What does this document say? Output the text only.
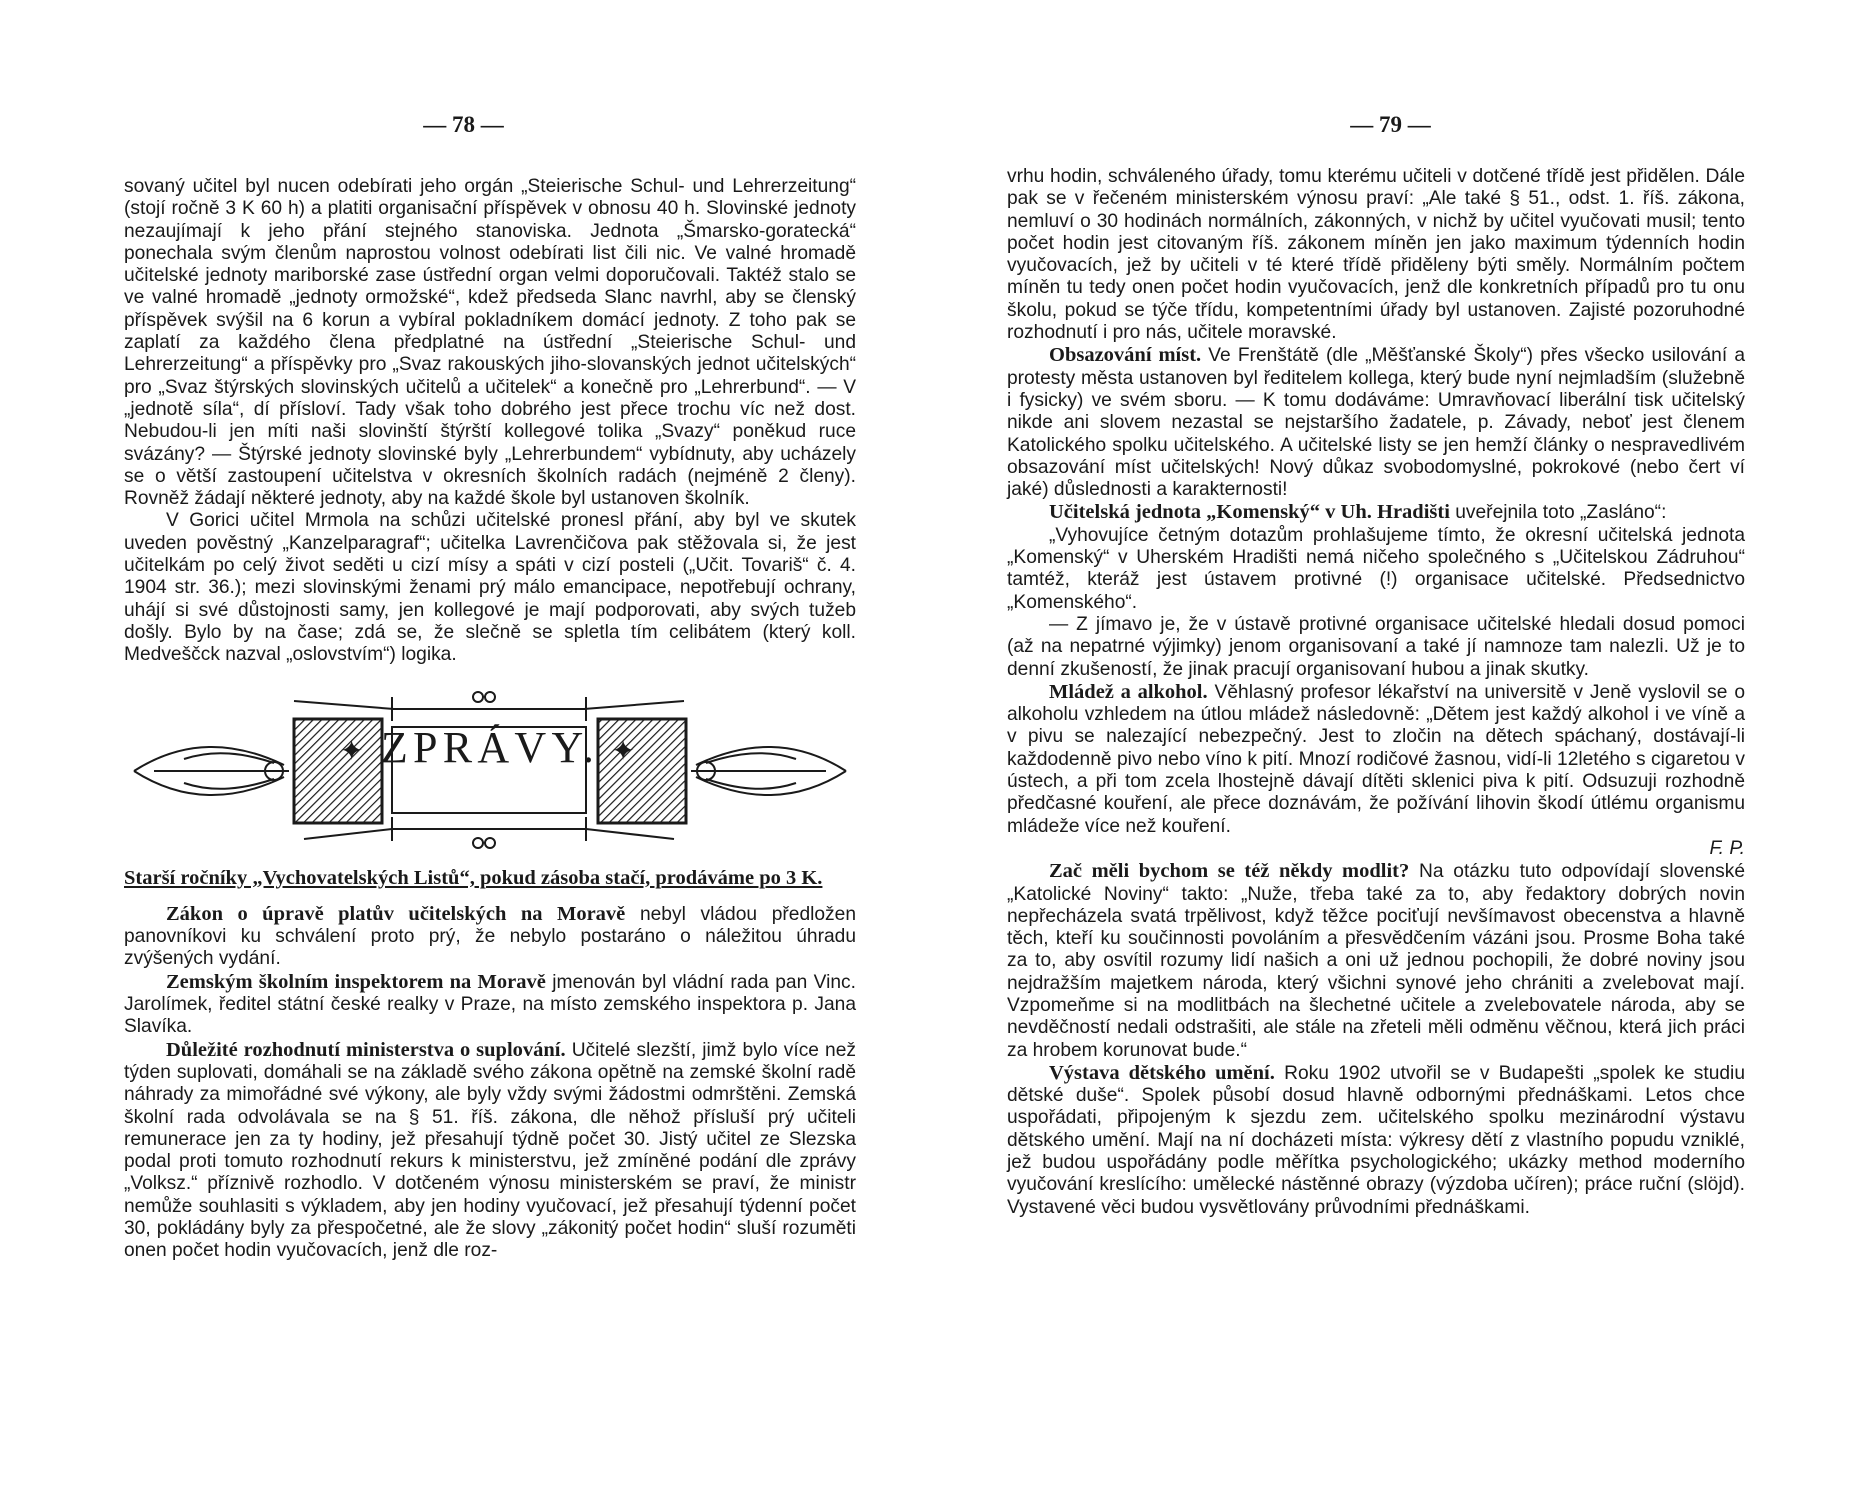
— 78 —

sovaný učitel byl nucen odebírati jeho orgán „Steierische Schul- und Lehrerzeitung“ (stojí ročně 3 K 60 h) a platiti organisační příspěvek v obnosu 40 h. Slovinské jednoty nezaujímají k jeho přání stejného stanoviska. Jednota „Šmarsko-goratecká“ ponechala svým členům naprostou volnost odebírati list čili nic. Ve valné hromadě učitelské jednoty mariborské zase ústřední organ velmi doporučovali. Taktéž stalo se ve valné hromadě „jednoty ormožské“, kdež předseda Slanc navrhl, aby se členský příspěvek svýšil na 6 korun a vybíral pokladníkem domácí jednoty. Z toho pak se zaplatí za každého člena předplatné na ústřední „Steierische Schul- und Lehrerzeitung“ a příspěvky pro „Svaz rakouských jiho-slovanských jednot učitelských“ pro „Svaz štýrských slovinských učitelů a učitelek“ a konečně pro „Lehrerbund“. — V „jednotě síla“, dí přísloví. Tady však toho dobrého jest přece trochu víc než dost. Nebudou-li jen míti naši slovinští štýrští kollegové tolika „Svazy“ poněkud ruce svázány? — Štýrské jednoty slovinské byly „Lehrerbundem“ vybídnuty, aby ucházely se o větší zastoupení učitelstva v okresních školních radách (nejméně 2 členy). Rovněž žádají některé jednoty, aby na každé škole byl ustanoven školník.

V Gorici učitel Mrmola na schůzi učitelské pronesl přání, aby byl ve skutek uveden pověstný „Kanzelparagraf“; učitelka Lavrenčičova pak stěžovala si, že jest učitelkám po celý život seděti u cizí mísy a spáti v cizí posteli („Učit. Tovariš“ č. 4. 1904 str. 36.); mezi slovinskými ženami prý málo emancipace, nepotřebují ochrany, uhájí si své důstojnosti samy, jen kollegové je mají podporovati, aby svých tužeb došly. Bylo by na čase; zdá se, že slečně se spletla tím celibátem (který koll. Medveščck nazval „oslovstvím“) logika.

✦ ZPRÁVY. ✦

Starší ročníky „Vychovatelských Listů“, pokud zásoba stačí, prodáváme po 3 K.

Zákon o úpravě platův učitelských na Moravě nebyl vládou předložen panovníkovi ku schválení proto prý, že nebylo postaráno o náležitou úhradu zvýšených vydání.

Zemským školním inspektorem na Moravě jmenován byl vládní rada pan Vinc. Jarolímek, ředitel státní české realky v Praze, na místo zemského inspektora p. Jana Slavíka.

Důležité rozhodnutí ministerstva o suplování. Učitelé slezští, jimž bylo více než týden suplovati, domáhali se na základě svého zákona opětně na zemské školní radě náhrady za mimořádné své výkony, ale byly vždy svými žádostmi odmrštěni. Zemská školní rada odvolávala se na § 51. říš. zákona, dle něhož přísluší prý učiteli remunerace jen za ty hodiny, jež přesahují týdně počet 30. Jistý učitel ze Slezska podal proti tomuto rozhodnutí rekurs k ministerstvu, jež zmíněné podání dle zprávy „Volksz.“ příznivě rozhodlo. V dotčeném výnosu ministerském se praví, že ministr nemůže souhlasiti s výkladem, aby jen hodiny vyučovací, jež přesahují týdenní počet 30, pokládány byly za přespočetné, ale že slovy „zákonitý počet hodin“ sluší rozuměti onen počet hodin vyučovacích, jenž dle roz-

— 79 —

vrhu hodin, schváleného úřady, tomu kterému učiteli v dotčené třídě jest přidělen. Dále pak se v řečeném ministerském výnosu praví: „Ale také § 51., odst. 1. říš. zákona, nemluví o 30 hodinách normálních, zákonných, v nichž by učitel vyučovati musil; tento počet hodin jest citovaným říš. zákonem míněn jen jako maximum týdenních hodin vyučovacích, jež by učiteli v té které třídě přiděleny býti směly. Normálním počtem míněn tu tedy onen počet hodin vyučovacích, jenž dle konkretních případů pro tu onu školu, pokud se týče třídu, kompetentními úřady byl ustanoven. Zajisté pozoruhodné rozhodnutí i pro nás, učitele moravské.

Obsazování míst. Ve Frenštátě (dle „Měšťanské Školy“) přes všecko usilování a protesty města ustanoven byl ředitelem kollega, který bude nyní nejmladším (služebně i fysicky) ve svém sboru. — K tomu dodáváme: Umravňovací liberální tisk učitelský nikde ani slovem nezastal se nejstaršího žadatele, p. Závady, neboť jest členem Katolického spolku učitelského. A učitelské listy se jen hemží články o nespravedlivém obsazování míst učitelských! Nový důkaz svobodomyslné, pokrokové (nebo čert ví jaké) důslednosti a karakternosti!

Učitelská jednota „Komenský“ v Uh. Hradišti uveřejnila toto „Zasláno“:

„Vyhovujíce četným dotazům prohlašujeme tímto, že okresní učitelská jednota „Komenský“ v Uherském Hradišti nemá ničeho společného s „Učitelskou Zádruhou“ tamtéž, kteráž jest ústavem protivné (!) organisace učitelské. Předsednictvo „Komenského“.

— Z jímavo je, že v ústavě protivné organisace učitelské hledali dosud pomoci (až na nepatrné výjimky) jenom organisovaní a také jí namnoze tam nalezli. Už je to denní zkušeností, že jinak pracují organisovaní hubou a jinak skutky.

Mládež a alkohol. Věhlasný profesor lékařství na universitě v Jeně vyslovil se o alkoholu vzhledem na útlou mládež následovně: „Dětem jest každý alkohol i ve víně a v pivu se nalezající nebezpečný. Jest to zločin na dětech spáchaný, dostávají-li každodenně pivo nebo víno k pití. Mnozí rodičové žasnou, vidí-li 12letého s cigaretou v ústech, a při tom zcela lhostejně dávají dítěti sklenici piva k pití. Odsuzuji rozhodně předčasné kouření, ale přece doznávám, že požívání lihovin škodí útlému organismu mládeže více než kouření.

F. P.

Zač měli bychom se též někdy modlit? Na otázku tuto odpovídají slovenské „Katolické Noviny“ takto: „Nuže, třeba také za to, aby ředaktory dobrých novin nepřecházela svatá trpělivost, když těžce pociťují nevšímavost obecenstva a hlavně těch, kteří ku součinnosti povoláním a přesvědčením vázáni jsou. Prosme Boha také za to, aby osvítil rozumy lidí našich a oni už jednou pochopili, že dobré noviny jsou nejdražším majetkem národa, který všichni synové jeho chrániti a zvelebovat mají. Vzpomeňme si na modlitbách na šlechetné učitele a zvelebovatele národa, aby se nevděčností nedali odstrašiti, ale stále na zřeteli měli odměnu věčnou, která jich práci za hrobem korunovat bude.“

Výstava dětského umění. Roku 1902 utvořil se v Budapešti „spolek ke studiu dětské duše“. Spolek působí dosud hlavně odbornými přednáškami. Letos chce uspořádati, připojeným k sjezdu zem. učitelského spolku mezinárodní výstavu dětského umění. Mají na ní docházeti místa: výkresy dětí z vlastního popudu vzniklé, jež budou uspořádány podle měřítka psychologického; ukázky method moderního vyučování kreslícího: umělecké nástěnné obrazy (výzdoba učíren); práce ruční (slöjd). Vystavené věci budou vysvětlovány průvodními přednáškami.
